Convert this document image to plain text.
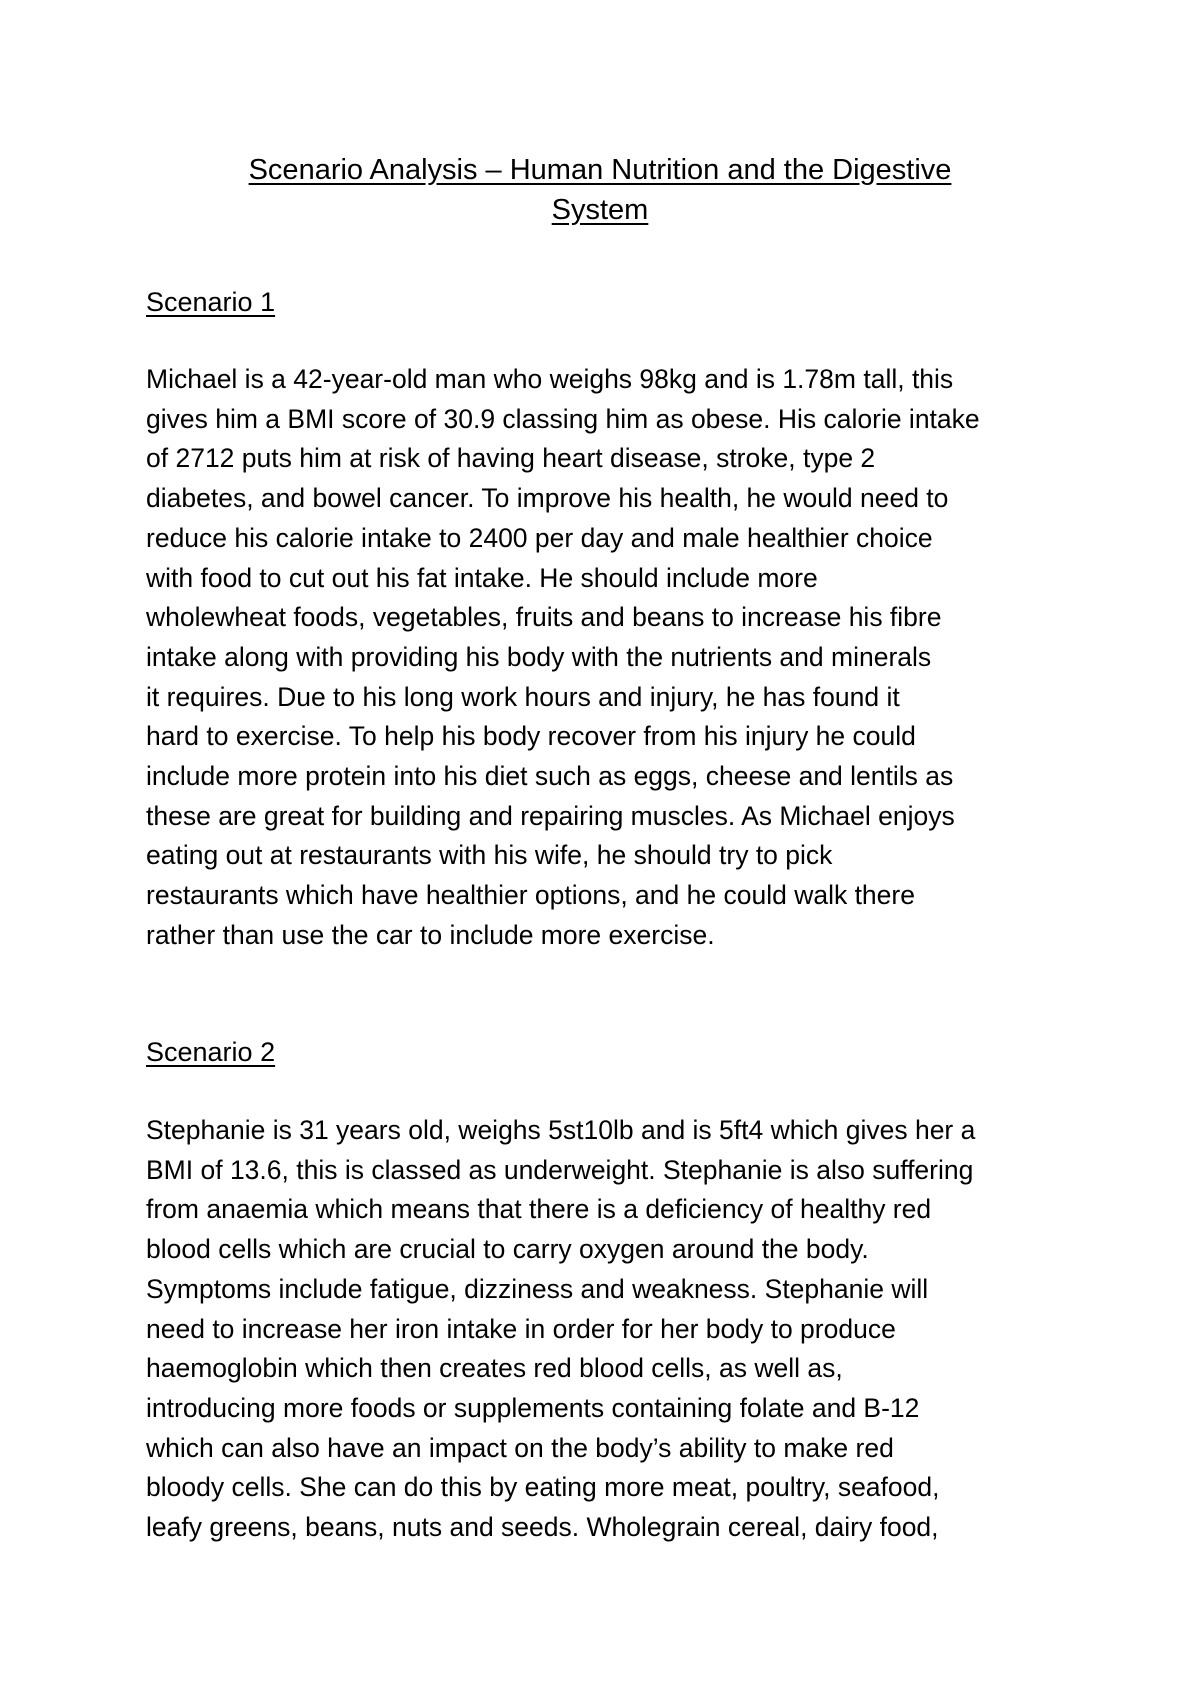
Scenario Analysis – Human Nutrition and the Digestive
System
Scenario 1
Michael is a 42-year-old man who weighs 98kg and is 1.78m tall, this
gives him a BMI score of 30.9 classing him as obese. His calorie intake
of 2712 puts him at risk of having heart disease, stroke, type 2
diabetes, and bowel cancer. To improve his health, he would need to
reduce his calorie intake to 2400 per day and male healthier choice
with food to cut out his fat intake. He should include more
wholewheat foods, vegetables, fruits and beans to increase his fibre
intake along with providing his body with the nutrients and minerals
it requires. Due to his long work hours and injury, he has found it
hard to exercise. To help his body recover from his injury he could
include more protein into his diet such as eggs, cheese and lentils as
these are great for building and repairing muscles. As Michael enjoys
eating out at restaurants with his wife, he should try to pick
restaurants which have healthier options, and he could walk there
rather than use the car to include more exercise.
Scenario 2
Stephanie is 31 years old, weighs 5st10lb and is 5ft4 which gives her a
BMI of 13.6, this is classed as underweight. Stephanie is also suffering
from anaemia which means that there is a deficiency of healthy red
blood cells which are crucial to carry oxygen around the body.
Symptoms include fatigue, dizziness and weakness. Stephanie will
need to increase her iron intake in order for her body to produce
haemoglobin which then creates red blood cells, as well as,
introducing more foods or supplements containing folate and B-12
which can also have an impact on the body’s ability to make red
bloody cells. She can do this by eating more meat, poultry, seafood,
leafy greens, beans, nuts and seeds. Wholegrain cereal, dairy food,
